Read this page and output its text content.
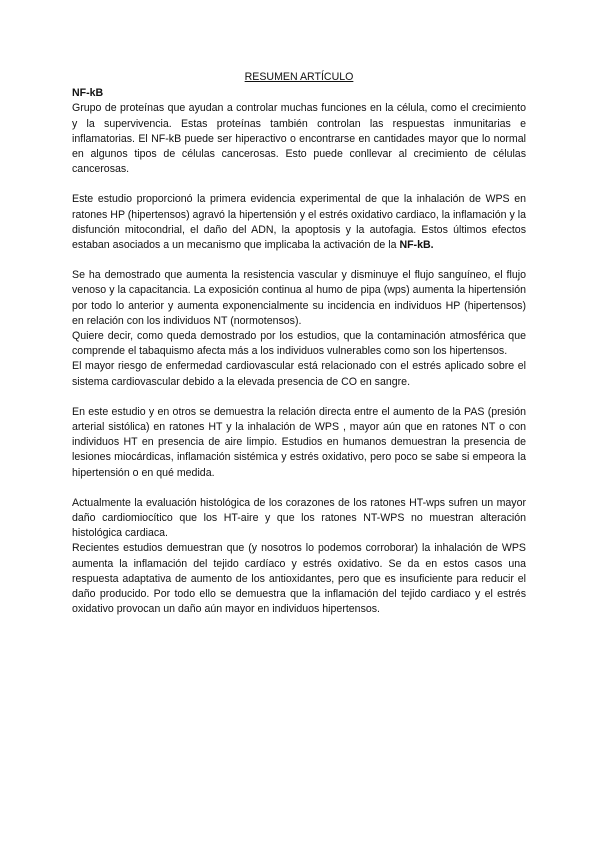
RESUMEN ARTÍCULO
NF-kB

Grupo de proteínas que ayudan a controlar muchas funciones en la célula, como el crecimiento y la supervivencia. Estas proteínas también controlan las respuestas inmunitarias e inflamatorias. El NF-kB puede ser hiperactivo o encontrarse en cantidades mayor que lo normal en algunos tipos de células cancerosas. Esto puede conllevar al crecimiento de células cancerosas.

Este estudio proporcionó la primera evidencia experimental de que la inhalación de WPS en ratones HP (hipertensos) agravó la hipertensión y el estrés oxidativo cardiaco, la inflamación y la disfunción mitocondrial, el daño del ADN, la apoptosis y la autofagia. Estos últimos efectos estaban asociados a un mecanismo que implicaba la activación de la NF-kB.

Se ha demostrado que aumenta la resistencia vascular y disminuye el flujo sanguíneo, el flujo venoso y la capacitancia. La exposición continua al humo de pipa (wps) aumenta la hipertensión por todo lo anterior y aumenta exponencialmente su incidencia en individuos HP (hipertensos) en relación con los individuos NT (normotensos).

Quiere decir, como queda demostrado por los estudios, que la contaminación atmosférica que comprende el tabaquismo afecta más a los individuos vulnerables como son los hipertensos.

El mayor riesgo de enfermedad cardiovascular está relacionado con el estrés aplicado sobre el sistema cardiovascular debido a la elevada presencia de CO en sangre.

En este estudio y en otros se demuestra la relación directa entre el aumento de la PAS (presión arterial sistólica) en ratones HT y la inhalación de WPS , mayor aún que en ratones NT o con individuos HT en presencia de aire limpio. Estudios en humanos demuestran la presencia de lesiones miocárdicas, inflamación sistémica y estrés oxidativo, pero poco se sabe si empeora la hipertensión o en qué medida.

Actualmente la evaluación histológica de los corazones de los ratones HT-wps sufren un mayor daño cardiomiocítico que los HT-aire y que los ratones NT-WPS no muestran alteración histológica cardiaca.

Recientes estudios demuestran que (y nosotros lo podemos corroborar) la inhalación de WPS aumenta la inflamación del tejido cardíaco y estrés oxidativo. Se da en estos casos una respuesta adaptativa de aumento de los antioxidantes, pero que es insuficiente para reducir el daño producido. Por todo ello se demuestra que la inflamación del tejido cardiaco y el estrés oxidativo provocan un daño aún mayor en individuos hipertensos.
